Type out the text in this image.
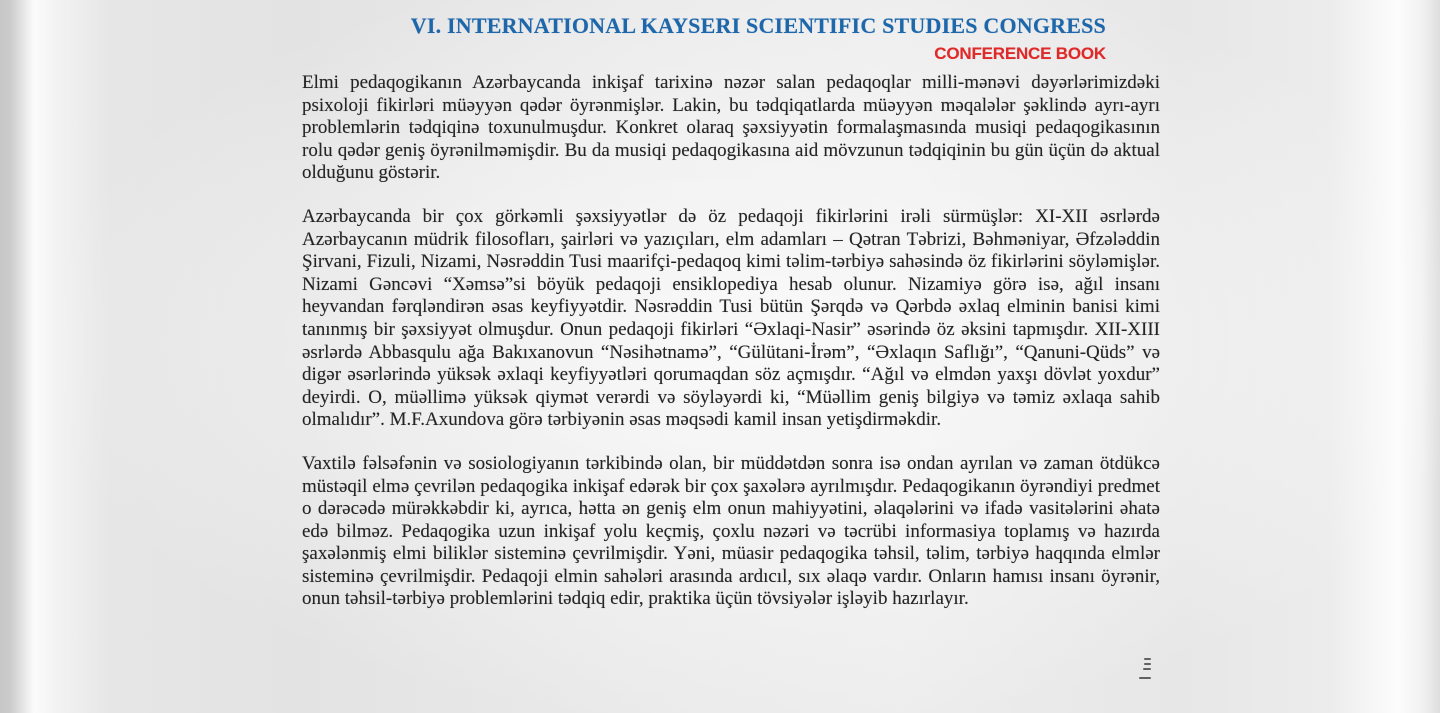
VI. INTERNATIONAL KAYSERI SCIENTIFIC STUDIES CONGRESS
CONFERENCE BOOK

Elmi pedaqogikanın Azərbaycanda inkişaf tarixinə nəzər salan pedaqoqlar milli-mənəvi dəyərlərimizdəki psixoloji fikirləri müəyyən qədər öyrənmişlər. Lakin, bu tədqiqatlarda müəyyən məqalələr şəklində ayrı-ayrı problemlərin tədqiqinə toxunulmuşdur. Konkret olaraq şəxsiyyətin formalaşmasında musiqi pedaqogikasının rolu qədər geniş öyrənilməmişdir. Bu da musiqi pedaqogikasına aid mövzunun tədqiqinin bu gün üçün də aktual olduğunu göstərir.

Azərbaycanda bir çox görkəmli şəxsiyyətlər də öz pedaqoji fikirlərini irəli sürmüşlər: XI-XII əsrlərdə Azərbaycanın müdrik filosofları, şairləri və yazıçıları, elm adamları – Qətran Təbrizi, Bəhməniyar, Əfzələddin Şirvani, Fizuli, Nizami, Nəsrəddin Tusi maarifçi-pedaqoq kimi təlim-tərbiyə sahəsində öz fikirlərini söyləmişlər. Nizami Gəncəvi “Xəmsə”si böyük pedaqoji ensiklopediya hesab olunur. Nizamiyə görə isə, ağıl insanı heyvandan fərqləndirən əsas keyfiyyətdir. Nəsrəddin Tusi bütün Şərqdə və Qərbdə əxlaq elminin banisi kimi tanınmış bir şəxsiyyət olmuşdur. Onun pedaqoji fikirləri “Əxlaqi-Nasir” əsərində öz əksini tapmışdır. XII-XIII əsrlərdə Abbasqulu ağa Bakıxanovun “Nəsihətnamə”, “Gülütani-İrəm”, “Əxlaqın Saflığı”, “Qanuni-Qüds” və digər əsərlərində yüksək əxlaqi keyfiyyətləri qorumaqdan söz açmışdır. “Ağıl və elmdən yaxşı dövlət yoxdur” deyirdi. O, müəllimə yüksək qiymət verərdi və söyləyərdi ki, “Müəllim geniş bilgiyə və təmiz əxlaqa sahib olmalıdır”. M.F.Axundova görə tərbiyənin əsas məqsədi kamil insan yetişdirməkdir.

Vaxtilə fəlsəfənin və sosiologiyanın tərkibində olan, bir müddətdən sonra isə ondan ayrılan və zaman ötdükcə müstəqil elmə çevrilən pedaqogika inkişaf edərək bir çox şaxələrə ayrılmışdır. Pedaqogikanın öyrəndiyi predmet o dərəcədə mürəkkəbdir ki, ayrıca, hətta ən geniş elm onun mahiyyətini, əlaqələrini və ifadə vasitələrini əhatə edə bilməz. Pedaqogika uzun inkişaf yolu keçmiş, çoxlu nəzəri və təcrübi informasiya toplamış və hazırda şaxələnmiş elmi biliklər sisteminə çevrilmişdir. Yəni, müasir pedaqogika təhsil, təlim, tərbiyə haqqında elmlər sisteminə çevrilmişdir. Pedaqoji elmin sahələri arasında ardıcıl, sıx əlaqə vardır. Onların hamısı insanı öyrənir, onun təhsil-tərbiyə problemlərini tədqiq edir, praktika üçün tövsiyələr işləyib hazırlayır.
